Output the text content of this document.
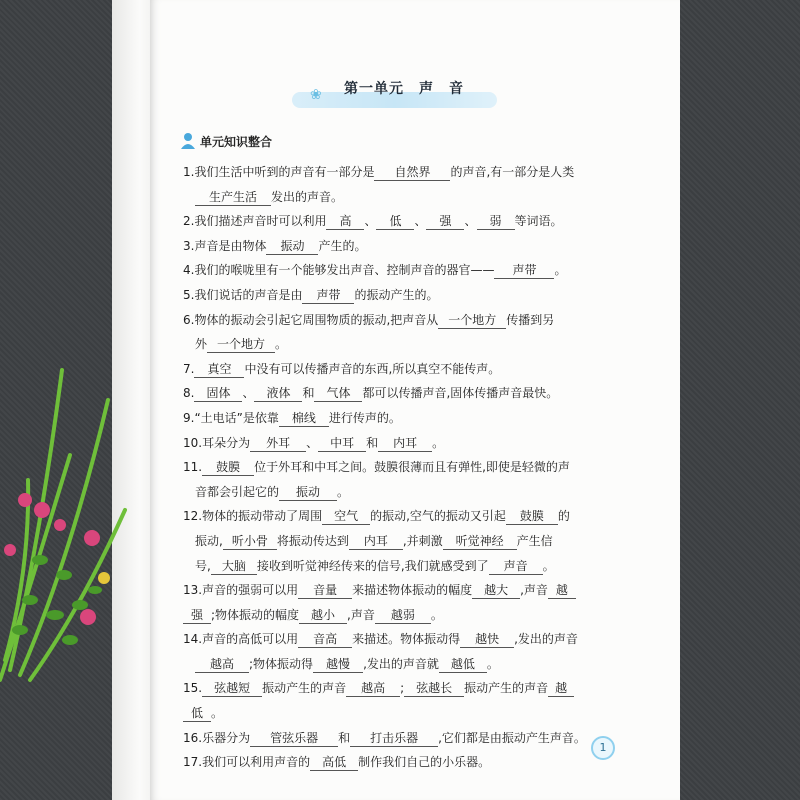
❀ 第一单元　声　音
单元知识整合
1.我们生活中听到的声音有一部分是 自然界 的声音,有一部分是人类
　生产生活 发出的声音。
2.我们描述声音时可以利用 高 、 低 、 强 、 弱 等词语。
3.声音是由物体 振动 产生的。
4.我们的喉咙里有一个能够发出声音、控制声音的器官—— 声带 。
5.我们说话的声音是由 声带 的振动产生的。
6.物体的振动会引起它周围物质的振动,把声音从 一个地方 传播到另
　外 一个地方 。
7. 真空 中没有可以传播声音的东西,所以真空不能传声。
8. 固体 、 液体 和 气体 都可以传播声音,固体传播声音最快。
9.“土电话”是依靠 棉线 进行传声的。
10.耳朵分为 外耳 、 中耳 和 内耳 。
11. 鼓膜 位于外耳和中耳之间。鼓膜很薄而且有弹性,即使是轻微的声
　音都会引起它的 振动 。
12.物体的振动带动了周围 空气 的振动,空气的振动又引起 鼓膜 的
　振动, 听小骨 将振动传达到 内耳 ,并刺激 听觉神经 产生信
　号, 大脑 接收到听觉神经传来的信号,我们就感受到了 声音 。
13.声音的强弱可以用 音量 来描述物体振动的幅度 越大 ,声音 越
强 ;物体振动的幅度 越小 ,声音 越弱 。
14.声音的高低可以用 音高 来描述。物体振动得 越快 ,发出的声音
　越高 ;物体振动得 越慢 ,发出的声音就 越低 。
15. 弦越短 振动产生的声音 越高 ; 弦越长 振动产生的声音 越
低 。
16.乐器分为 管弦乐器 和 打击乐器 ,它们都是由振动产生声音。
17.我们可以利用声音的 高低 制作我们自己的小乐器。
1
